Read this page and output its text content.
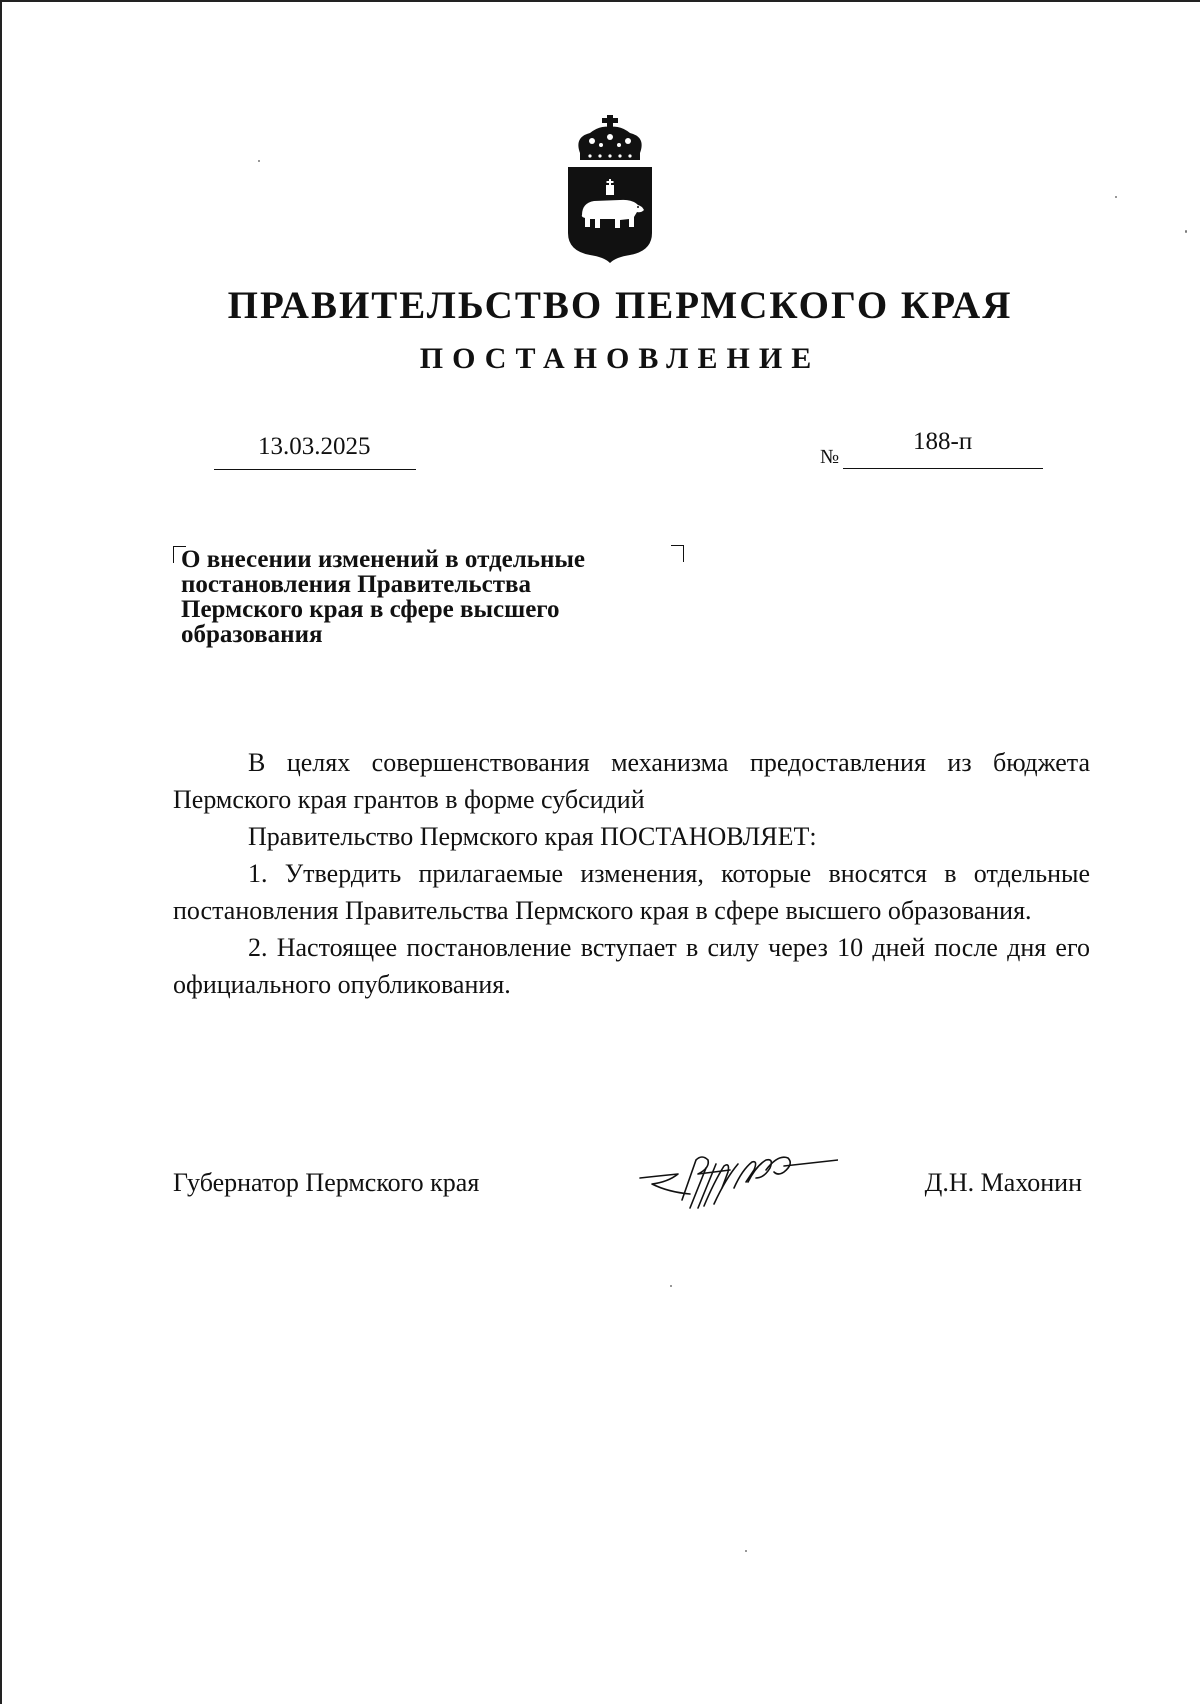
ПРАВИТЕЛЬСТВО ПЕРМСКОГО КРАЯ
ПОСТАНОВЛЕНИЕ
13.03.2025	№
188-п
О внесении изменений в отдельные
постановления Правительства
Пермского края в сфере высшего
образования

В целях совершенствования механизма предоставления из бюджета Пермского края грантов в форме субсидий

Правительство Пермского края ПОСТАНОВЛЯЕТ:

1. Утвердить прилагаемые изменения, которые вносятся в отдельные постановления Правительства Пермского края в сфере высшего образования.

2. Настоящее постановление вступает в силу через 10 дней после дня его официального опубликования.

Губернатор Пермского края	Д.Н. Махонин
